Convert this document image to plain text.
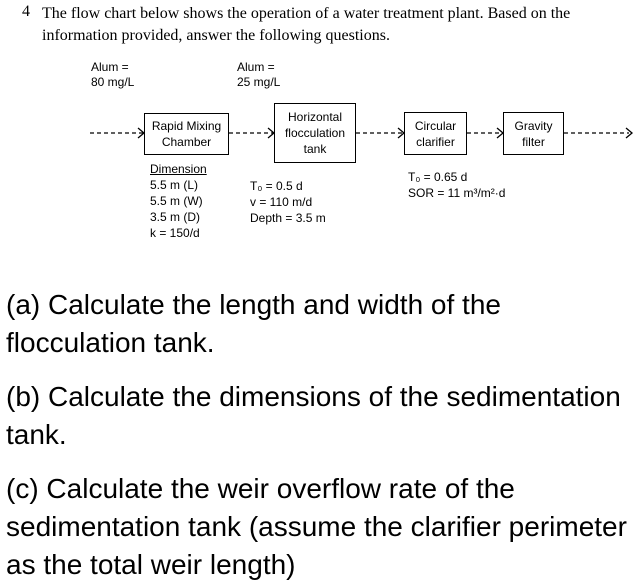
4 The flow chart below shows the operation of a water treatment plant. Based on the information provided, answer the following questions.
Alum =
80 mg/L
Alum =
25 mg/L
Rapid Mixing
Chamber
Horizontal
flocculation
tank
Circular
clarifier
Gravity
filter
Dimension
5.5 m (L)
5.5 m (W)
3.5 m (D)
k = 150/d
T₀ = 0.5 d
v = 110 m/d
Depth = 3.5 m
T₀ = 0.65 d
SOR = 11 m³/m²·d
(a) Calculate the length and width of the flocculation tank.
(b) Calculate the dimensions of the sedimentation tank.
(c) Calculate the weir overflow rate of the sedimentation tank (assume the clarifier perimeter as the total weir length)
